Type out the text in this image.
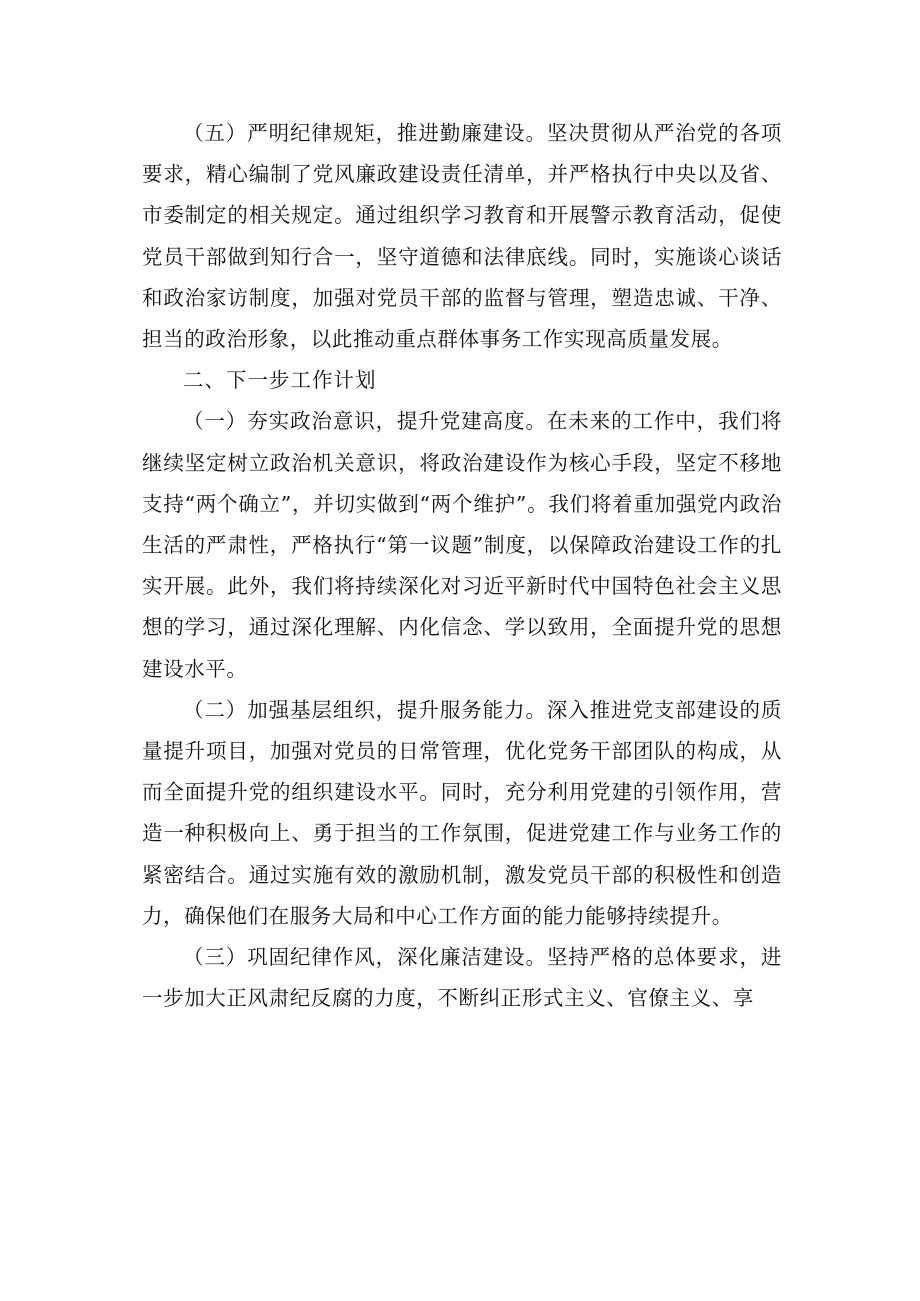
（五）严明纪律规矩，推进勤廉建设。坚决贯彻从严治党的各项要求，精心编制了党风廉政建设责任清单，并严格执行中央以及省、市委制定的相关规定。通过组织学习教育和开展警示教育活动，促使党员干部做到知行合一，坚守道德和法律底线。同时，实施谈心谈话和政治家访制度，加强对党员干部的监督与管理，塑造忠诚、干净、担当的政治形象，以此推动重点群体事务工作实现高质量发展。

二、下一步工作计划

（一）夯实政治意识，提升党建高度。在未来的工作中，我们将继续坚定树立政治机关意识，将政治建设作为核心手段，坚定不移地支持“两个确立”，并切实做到“两个维护”。我们将着重加强党内政治生活的严肃性，严格执行“第一议题”制度，以保障政治建设工作的扎实开展。此外，我们将持续深化对习近平新时代中国特色社会主义思想的学习，通过深化理解、内化信念、学以致用，全面提升党的思想建设水平。

（二）加强基层组织，提升服务能力。深入推进党支部建设的质量提升项目，加强对党员的日常管理，优化党务干部团队的构成，从而全面提升党的组织建设水平。同时，充分利用党建的引领作用，营造一种积极向上、勇于担当的工作氛围，促进党建工作与业务工作的紧密结合。通过实施有效的激励机制，激发党员干部的积极性和创造力，确保他们在服务大局和中心工作方面的能力能够持续提升。

（三）巩固纪律作风，深化廉洁建设。坚持严格的总体要求，进一步加大正风肃纪反腐的力度，不断纠正形式主义、官僚主义、享
